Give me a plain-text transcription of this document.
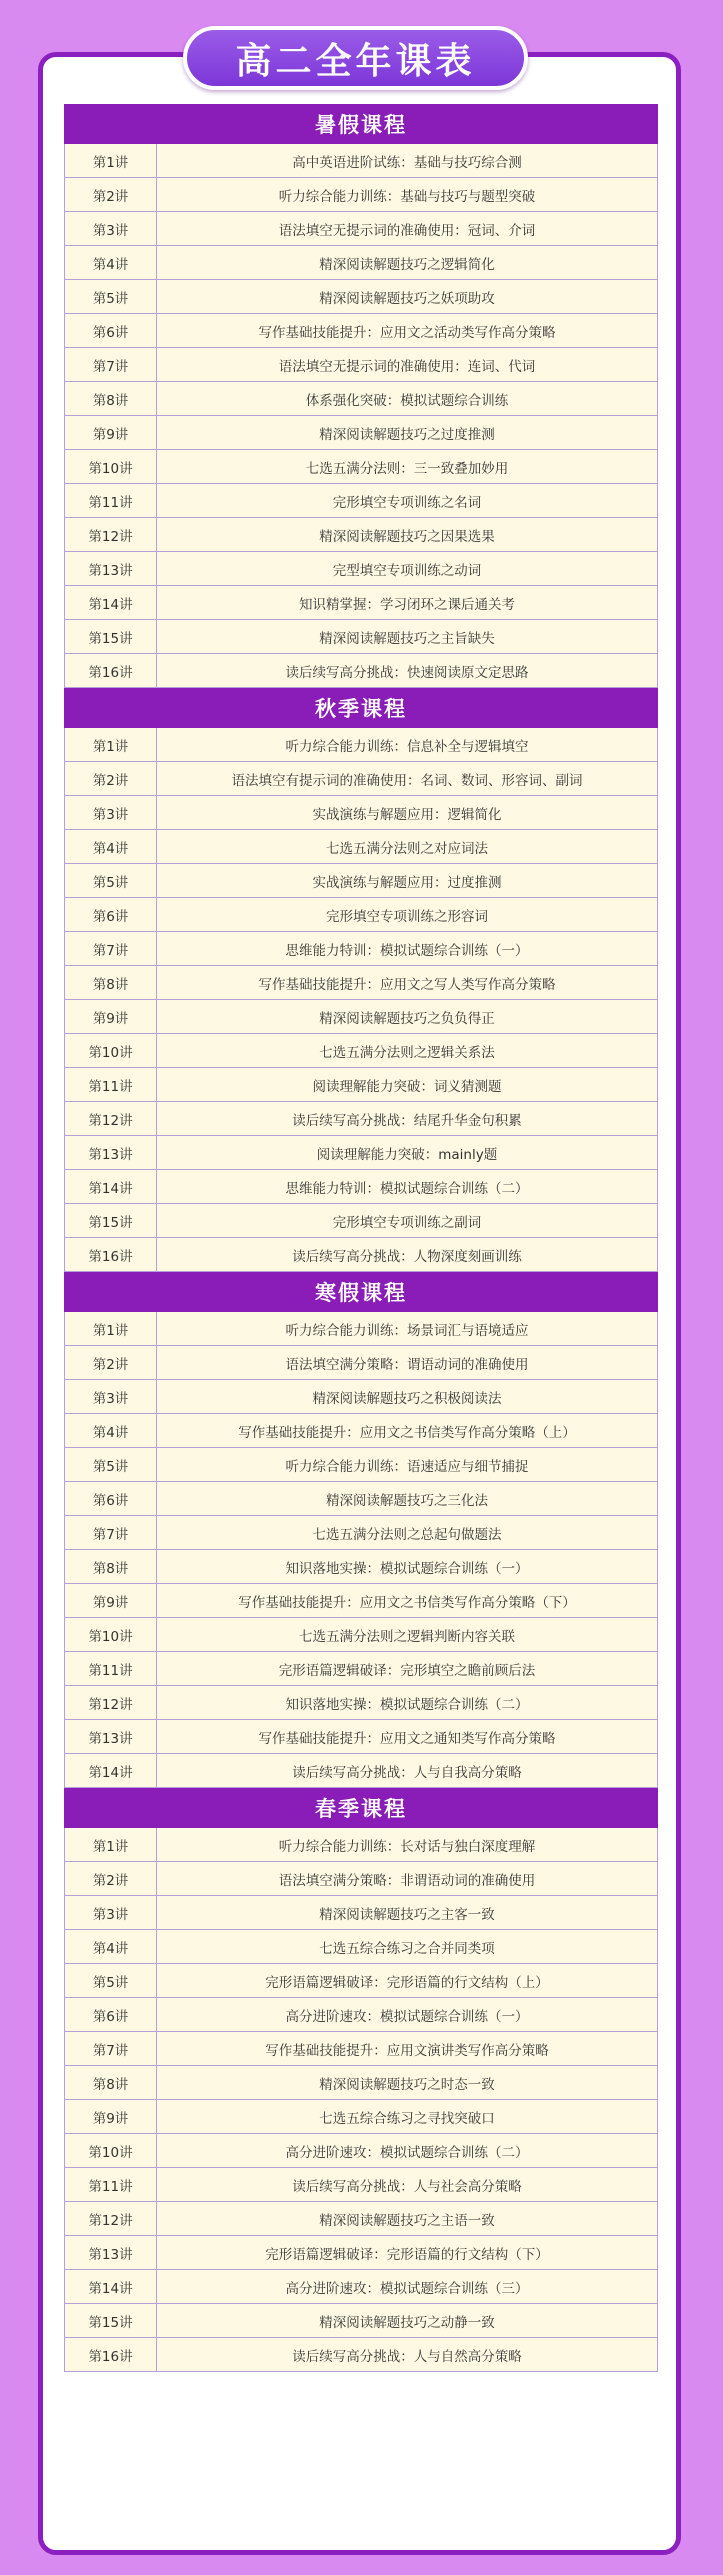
高二全年课表
暑假课程
第1讲	高中英语进阶试练：基础与技巧综合测
第2讲	听力综合能力训练：基础与技巧与题型突破
第3讲	语法填空无提示词的准确使用：冠词、介词
第4讲	精深阅读解题技巧之逻辑简化
第5讲	精深阅读解题技巧之妖项助攻
第6讲	写作基础技能提升：应用文之活动类写作高分策略
第7讲	语法填空无提示词的准确使用：连词、代词
第8讲	体系强化突破：模拟试题综合训练
第9讲	精深阅读解题技巧之过度推测
第10讲	七选五满分法则：三一致叠加妙用
第11讲	完形填空专项训练之名词
第12讲	精深阅读解题技巧之因果选果
第13讲	完型填空专项训练之动词
第14讲	知识精掌握：学习闭环之课后通关考
第15讲	精深阅读解题技巧之主旨缺失
第16讲	读后续写高分挑战：快速阅读原文定思路
秋季课程
第1讲	听力综合能力训练：信息补全与逻辑填空
第2讲	语法填空有提示词的准确使用：名词、数词、形容词、副词
第3讲	实战演练与解题应用：逻辑简化
第4讲	七选五满分法则之对应词法
第5讲	实战演练与解题应用：过度推测
第6讲	完形填空专项训练之形容词
第7讲	思维能力特训：模拟试题综合训练（一）
第8讲	写作基础技能提升：应用文之写人类写作高分策略
第9讲	精深阅读解题技巧之负负得正
第10讲	七选五满分法则之逻辑关系法
第11讲	阅读理解能力突破：词义猜测题
第12讲	读后续写高分挑战：结尾升华金句积累
第13讲	阅读理解能力突破：mainly题
第14讲	思维能力特训：模拟试题综合训练（二）
第15讲	完形填空专项训练之副词
第16讲	读后续写高分挑战：人物深度刻画训练
寒假课程
第1讲	听力综合能力训练：场景词汇与语境适应
第2讲	语法填空满分策略：谓语动词的准确使用
第3讲	精深阅读解题技巧之积极阅读法
第4讲	写作基础技能提升：应用文之书信类写作高分策略（上）
第5讲	听力综合能力训练：语速适应与细节捕捉
第6讲	精深阅读解题技巧之三化法
第7讲	七选五满分法则之总起句做题法
第8讲	知识落地实操：模拟试题综合训练（一）
第9讲	写作基础技能提升：应用文之书信类写作高分策略（下）
第10讲	七选五满分法则之逻辑判断内容关联
第11讲	完形语篇逻辑破译：完形填空之瞻前顾后法
第12讲	知识落地实操：模拟试题综合训练（二）
第13讲	写作基础技能提升：应用文之通知类写作高分策略
第14讲	读后续写高分挑战：人与自我高分策略
春季课程
第1讲	听力综合能力训练：长对话与独白深度理解
第2讲	语法填空满分策略：非谓语动词的准确使用
第3讲	精深阅读解题技巧之主客一致
第4讲	七选五综合练习之合并同类项
第5讲	完形语篇逻辑破译：完形语篇的行文结构（上）
第6讲	高分进阶速攻：模拟试题综合训练（一）
第7讲	写作基础技能提升：应用文演讲类写作高分策略
第8讲	精深阅读解题技巧之时态一致
第9讲	七选五综合练习之寻找突破口
第10讲	高分进阶速攻：模拟试题综合训练（二）
第11讲	读后续写高分挑战：人与社会高分策略
第12讲	精深阅读解题技巧之主语一致
第13讲	完形语篇逻辑破译：完形语篇的行文结构（下）
第14讲	高分进阶速攻：模拟试题综合训练（三）
第15讲	精深阅读解题技巧之动静一致
第16讲	读后续写高分挑战：人与自然高分策略
